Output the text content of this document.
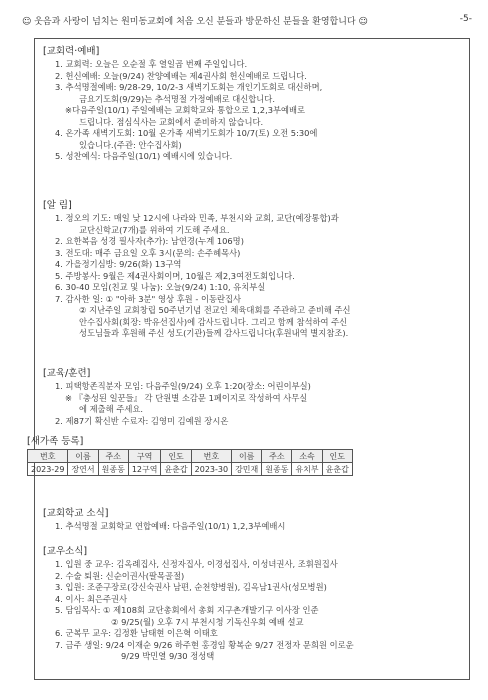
☺ 웃음과 사랑이 넘치는 원미동교회에 처음 오신 분들과 방문하신 분들을 환영합니다 ☺	-5-
[교회력·예배]
1. 교회력: 오늘은 오순절 후 열일곱 번째 주일입니다.
2. 헌신예배: 오늘(9/24) 찬양예배는 제4권사회 헌신예배로 드립니다.
3. 추석명절예배: 9/28-29, 10/2-3 새벽기도회는 개인기도회로 대신하며,
금요기도회(9/29)는 추석명절 가정예배로 대신합니다.
※다음주일(10/1) 주일예배는 교회학교와 통합으로 1,2,3부예배로
드립니다. 점심식사는 교회에서 준비하지 않습니다.
4. 온가족 새벽기도회: 10월 온가족 새벽기도회가 10/7(토) 오전 5:30에
있습니다.(주관: 안수집사회)
5. 성찬예식: 다음주일(10/1) 예배시에 있습니다.
[알 림]
1. 정오의 기도: 매일 낮 12시에 나라와 민족, 부천시와 교회, 교단(예장통합)과
교단신학교(7개)를 위하여 기도해 주세요.
2. 요한복음 성경 필사자(추가): 남연경(누계 106명)
3. 전도대: 매주 금요일 오후 3시(문의: 손주혜목사)
4. 가을정기심방: 9/26(화) 13구역
5. 주방봉사: 9월은 제4권사회이며, 10월은 제2,3여전도회입니다.
6. 30-40 모임(친교 및 나눔): 오늘(9/24) 1:10, 유치부실
7. 감사한 일: ① "아하 3분" 영상 후원 - 이동란집사
② 지난주일 교회창립 50주년기념 전교인 체육대회를 주관하고 준비해 주신
안수집사회(회장: 박유선집사)에 감사드립니다. 그리고 함께 참석하여 주신
성도님들과 후원해 주신 성도(기관)들께 감사드립니다(후원내역 별지참조).
[교육/훈련]
1. 피택항존직분자 모임: 다음주일(9/24) 오후 1:20(장소: 어린이부실)
※ 『충성된 일꾼들』 각 단원별 소감문 1페이지로 작성하여 사무실
에 제출해 주세요.
2. 제87기 확신반 수료자: 김영미 김예원 장시온
[새가족 등록]
번호	이름	주소	구역	인도	번호	이름	주소	소속	인도
2023-29	장연서	원종동	12구역	윤춘갑	2023-30	강민재	원종동	유치부	윤춘갑
[교회학교 소식]
1. 추석명절 교회학교 연합예배: 다음주일(10/1) 1,2,3부예배시
[교우소식]
1. 입원 중 교우: 김옥례집사, 신정자집사, 이경섭집사, 이성녀권사, 조휘원집사
2. 수술 퇴원: 신순이권사(팔목골절)
3. 입원: 조준구장로(강신숙권사 남편, 순천향병원), 김옥남1권사(성모병원)
4. 이사: 최은주권사
5. 담임목사: ① 제108회 교단총회에서 총회 지구촌개발기구 이사장 인준
② 9/25(월) 오후 7시 부천시청 기독신우회 예배 설교
6. 군복무 교우: 김정환 남태현 이은혁 이태호
7. 금주 생일: 9/24 이재순 9/26 하주현 홍경임 황복순 9/27 전정자 문희원 이로운
9/29 박민열 9/30 정성택
